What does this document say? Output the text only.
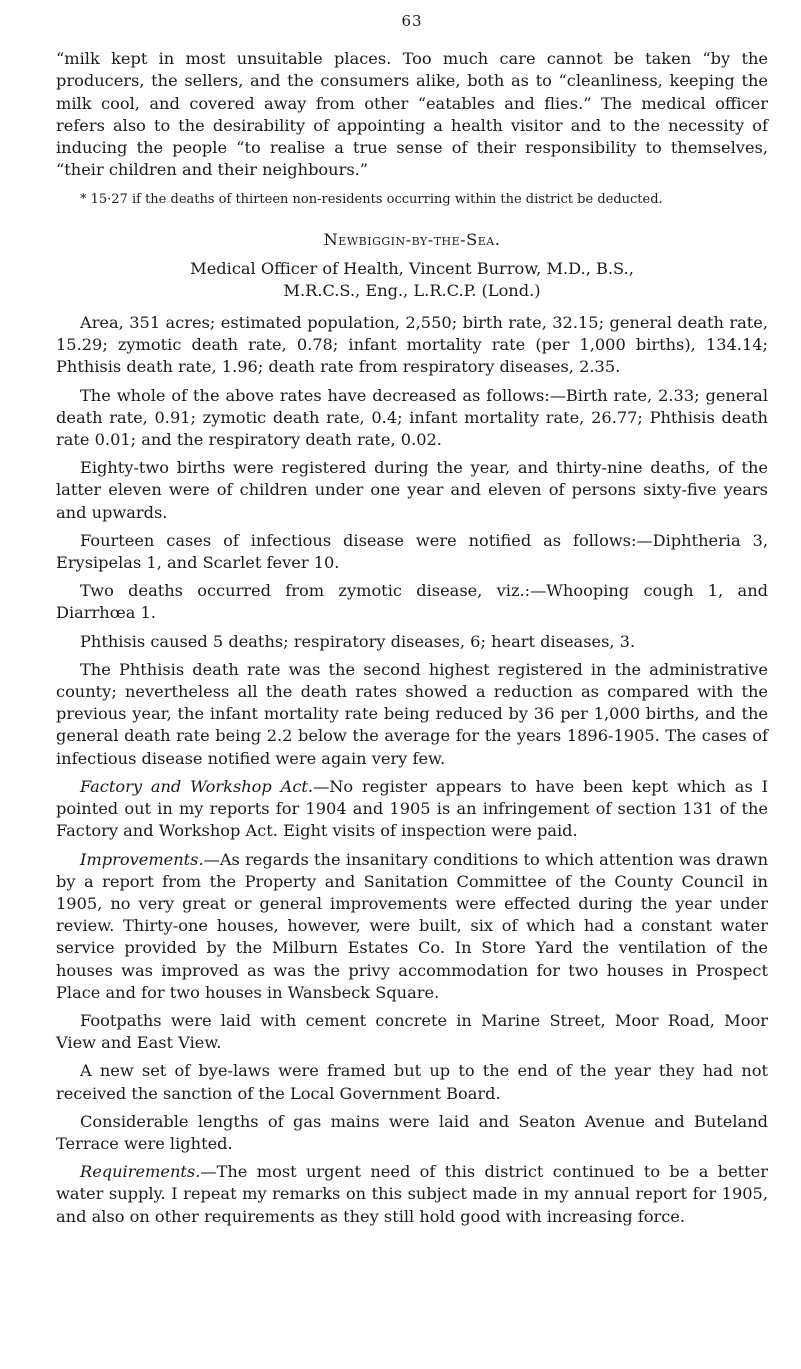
63

“milk kept in most unsuitable places. Too much care cannot be taken “by the producers, the sellers, and the consumers alike, both as to “cleanliness, keeping the milk cool, and covered away from other “eatables and flies.” The medical officer refers also to the desirability of appointing a health visitor and to the necessity of inducing the people “to realise a true sense of their responsibility to themselves, “their children and their neighbours.”

* 15·27 if the deaths of thirteen non-residents occurring within the district be deducted.
Newbiggin-by-the-Sea.
Medical Officer of Health, Vincent Burrow, M.D., B.S.,
M.R.C.S., Eng., L.R.C.P. (Lond.)

Area, 351 acres; estimated population, 2,550; birth rate, 32.15; general death rate, 15.29; zymotic death rate, 0.78; infant mortality rate (per 1,000 births), 134.14; Phthisis death rate, 1.96; death rate from respiratory diseases, 2.35.

The whole of the above rates have decreased as follows:—Birth rate, 2.33; general death rate, 0.91; zymotic death rate, 0.4; infant mortality rate, 26.77; Phthisis death rate 0.01; and the respiratory death rate, 0.02.

Eighty-two births were registered during the year, and thirty-nine deaths, of the latter eleven were of children under one year and eleven of persons sixty-five years and upwards.

Fourteen cases of infectious disease were notified as follows:—Diphtheria 3, Erysipelas 1, and Scarlet fever 10.

Two deaths occurred from zymotic disease, viz.:—Whooping cough 1, and Diarrhœa 1.

Phthisis caused 5 deaths; respiratory diseases, 6; heart diseases, 3.

The Phthisis death rate was the second highest registered in the administrative county; nevertheless all the death rates showed a reduction as compared with the previous year, the infant mortality rate being reduced by 36 per 1,000 births, and the general death rate being 2.2 below the average for the years 1896-1905. The cases of infectious disease notified were again very few.

Factory and Workshop Act.—No register appears to have been kept which as I pointed out in my reports for 1904 and 1905 is an infringement of section 131 of the Factory and Workshop Act. Eight visits of inspection were paid.

Improvements.—As regards the insanitary conditions to which attention was drawn by a report from the Property and Sanitation Committee of the County Council in 1905, no very great or general improvements were effected during the year under review. Thirty-one houses, however, were built, six of which had a constant water service provided by the Milburn Estates Co. In Store Yard the ventilation of the houses was improved as was the privy accommodation for two houses in Prospect Place and for two houses in Wansbeck Square.

Footpaths were laid with cement concrete in Marine Street, Moor Road, Moor View and East View.

A new set of bye-laws were framed but up to the end of the year they had not received the sanction of the Local Government Board.

Considerable lengths of gas mains were laid and Seaton Avenue and Buteland Terrace were lighted.

Requirements.—The most urgent need of this district continued to be a better water supply. I repeat my remarks on this subject made in my annual report for 1905, and also on other requirements as they still hold good with increasing force.
